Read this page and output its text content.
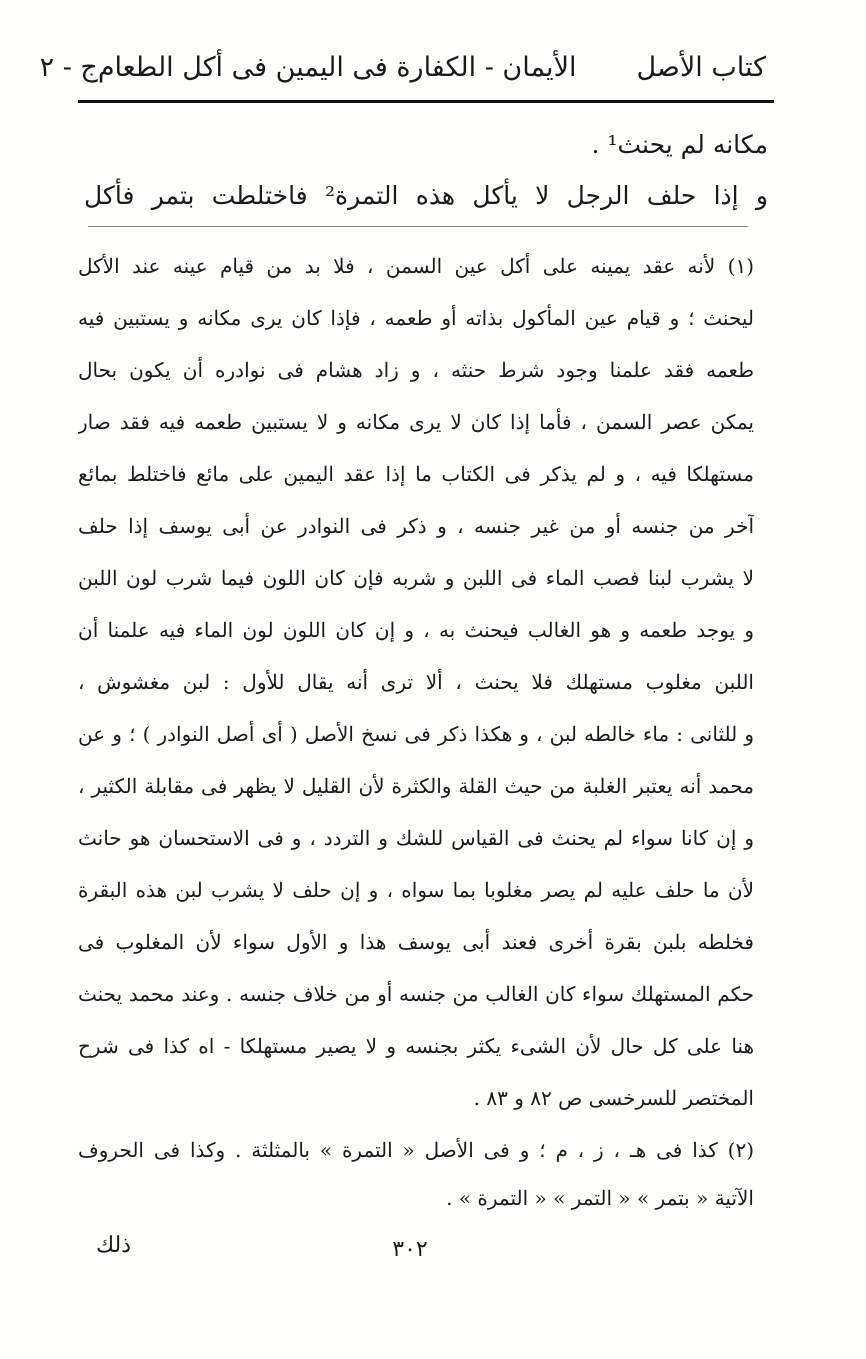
كتاب الأصل
الأيمان - الكفارة فى اليمين فى أكل الطعام
ج - ٢
مكانه لم يحنث¹ .
و إذا حلف الرجل لا يأكل هذه التمرة² فاختلطت بتمر فأكل
(١) لأنه عقد يمينه على أكل عين السمن ، فلا بد من قيام عينه عند الأكل
ليحنث ؛ و قيام عين المأكول بذاته أو طعمه ، فإذا كان يرى مكانه و يستبين فيه
طعمه فقد علمنا وجود شرط حنثه ، و زاد هشام فى نوادره أن يكون بحال
يمكن عصر السمن ، فأما إذا كان لا يرى مكانه و لا يستبين طعمه فيه فقد صار
مستهلكا فيه ، و لم يذكر فى الكتاب ما إذا عقد اليمين على مائع فاختلط بمائع
آخر من جنسه أو من غير جنسه ، و ذكر فى النوادر عن أبى يوسف إذا حلف
لا يشرب لبنا فصب الماء فى اللبن و شربه فإن كان اللون فيما شرب لون اللبن
و يوجد طعمه و هو الغالب فيحنث به ، و إن كان اللون لون الماء فيه علمنا أن
اللبن مغلوب مستهلك فلا يحنث ، ألا ترى أنه يقال للأول : لبن مغشوش ،
و للثانى : ماء خالطه لبن ، و هكذا ذكر فى نسخ الأصل ( أى أصل النوادر ) ؛ و عن
محمد أنه يعتبر الغلبة من حيث القلة والكثرة لأن القليل لا يظهر فى مقابلة الكثير ،
و إن كانا سواء لم يحنث فى القياس للشك و التردد ، و فى الاستحسان هو حانث
لأن ما حلف عليه لم يصر مغلوبا بما سواه ، و إن حلف لا يشرب لبن هذه البقرة
فخلطه بلبن بقرة أخرى فعند أبى يوسف هذا و الأول سواء لأن المغلوب فى
حكم المستهلك سواء كان الغالب من جنسه أو من خلاف جنسه . وعند محمد يحنث
هنا على كل حال لأن الشىء يكثر بجنسه و لا يصير مستهلكا - اه كذا فى شرح
المختصر للسرخسى ص ٨٢ و ٨٣ .
(٢) كذا فى هـ ، ز ، م ؛ و فى الأصل « التمرة » بالمثلثة . وكذا فى الحروف
الآتية « بتمر » « التمر » « التمرة » .
ذلك	٣٠٢
